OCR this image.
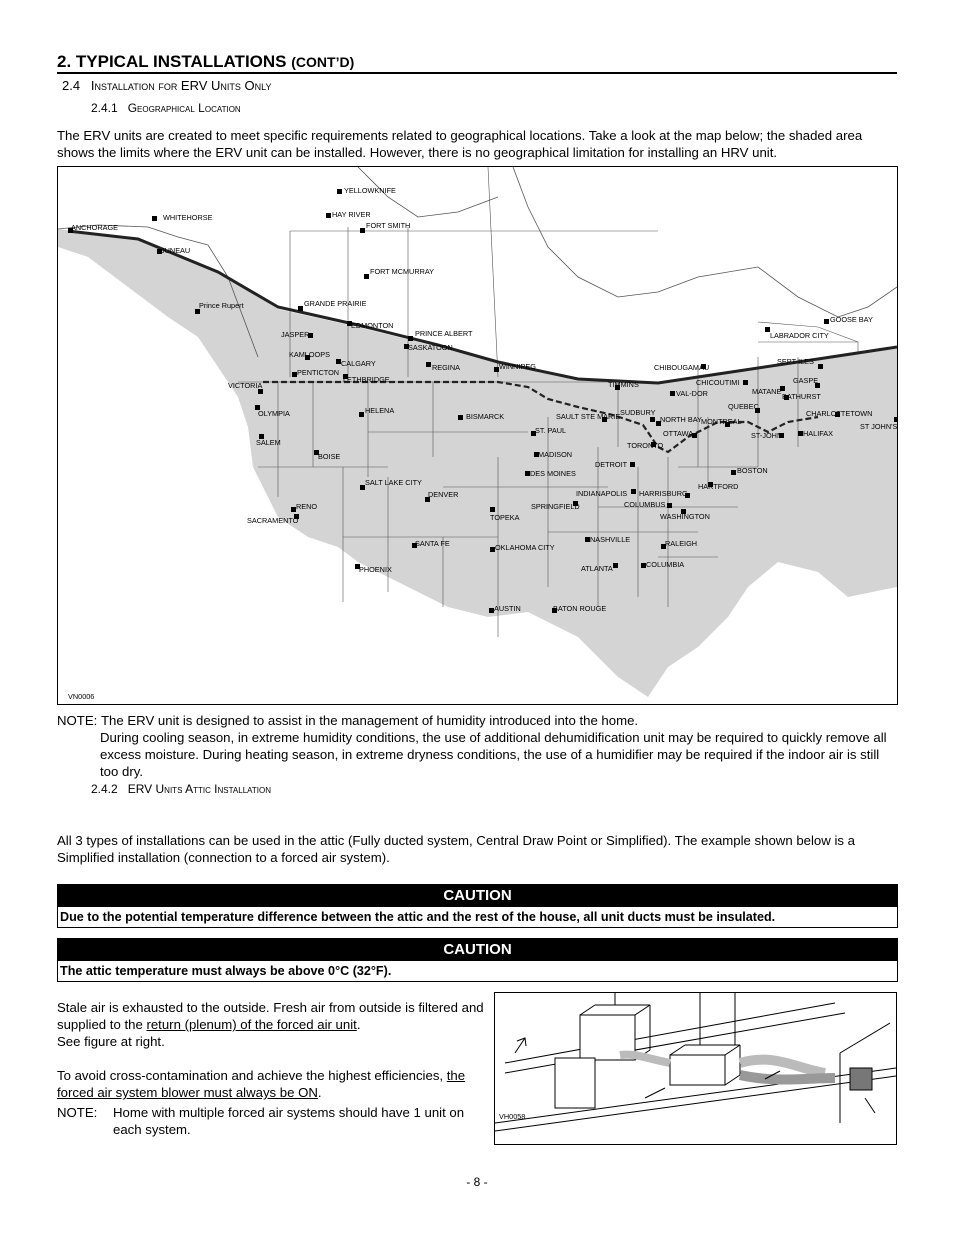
2. TYPICAL INSTALLATIONS (CONT’D)
2.4 Installation for ERV Units Only
2.4.1 Geographical Location
The ERV units are created to meet specific requirements related to geographical locations. Take a look at the map below; the shaded area shows the limits where the ERV unit can be installed. However, there is no geographical limitation for installing an HRV unit.
YELLOWKNIFE
HAY RIVER
FORT SMITH
WHITEHORSE
ANCHORAGE
JUNEAU
FORT MCMURRAY
GRANDE PRAIRIE
Prince Rupert
EDMONTON
PRINCE ALBERT
JASPER
SASKATOON
KAMLOOPS
CALGARY	REGINA	WINNIPEG
PENTICTON
LETHBRIDGE
VICTORIA
OLYMPIA	HELENA
BISMARCK
SALEM
BOISE
ST. PAUL
MADISON
DES MOINES
SALT LAKE CITY
DENVER
RENO
SACRAMENTO	TOPEKA
SPRINGFIELD
INDIANAPOLIS
SANTA FE	OKLAHOMA CITY
PHOENIX
NASHVILLE
ATLANTA
AUSTIN	BATON ROUGE
RALEIGH
COLUMBIA
COLUMBUS
HARRISBURG
WASHINGTON
HARTFORD
BOSTON
DETROIT
TORONTO
SAULT STE MARIE SUDBURY
NORTH BAY
OTTAWA
MONTREAL
TIMMINS
CHIBOUGAMAU
VAL-DOR
CHICOUTIMI
QUEBEC
MATANE
SEPT-ILES
GASPE
BATHURST
CHARLOTTETOWN
HALIFAX
ST-JOHN
ST JOHN'S
LABRADOR CITY
GOOSE BAY
VN0006
NOTE: The ERV unit is designed to assist in the management of humidity introduced into the home.
During cooling season, in extreme humidity conditions, the use of additional dehumidification unit may be required to quickly remove all excess moisture. During heating season, in extreme dryness conditions, the use of a humidifier may be required if the indoor air is still too dry.
2.4.2 ERV Units Attic Installation
All 3 types of installations can be used in the attic (Fully ducted system, Central Draw Point or Simplified). The example shown below is a Simplified installation (connection to a forced air system).
CAUTION
Due to the potential temperature difference between the attic and the rest of the house, all unit ducts must be insulated.
CAUTION
The attic temperature must always be above 0°C (32°F).
Stale air is exhausted to the outside. Fresh air from outside is filtered and supplied to the return (plenum) of the forced air unit.
See figure at right.
To avoid cross-contamination and achieve the highest efficiencies, the forced air system blower must always be ON.
NOTE:	Home with multiple forced air systems should have 1 unit on each system.
VH0058
- 8 -
